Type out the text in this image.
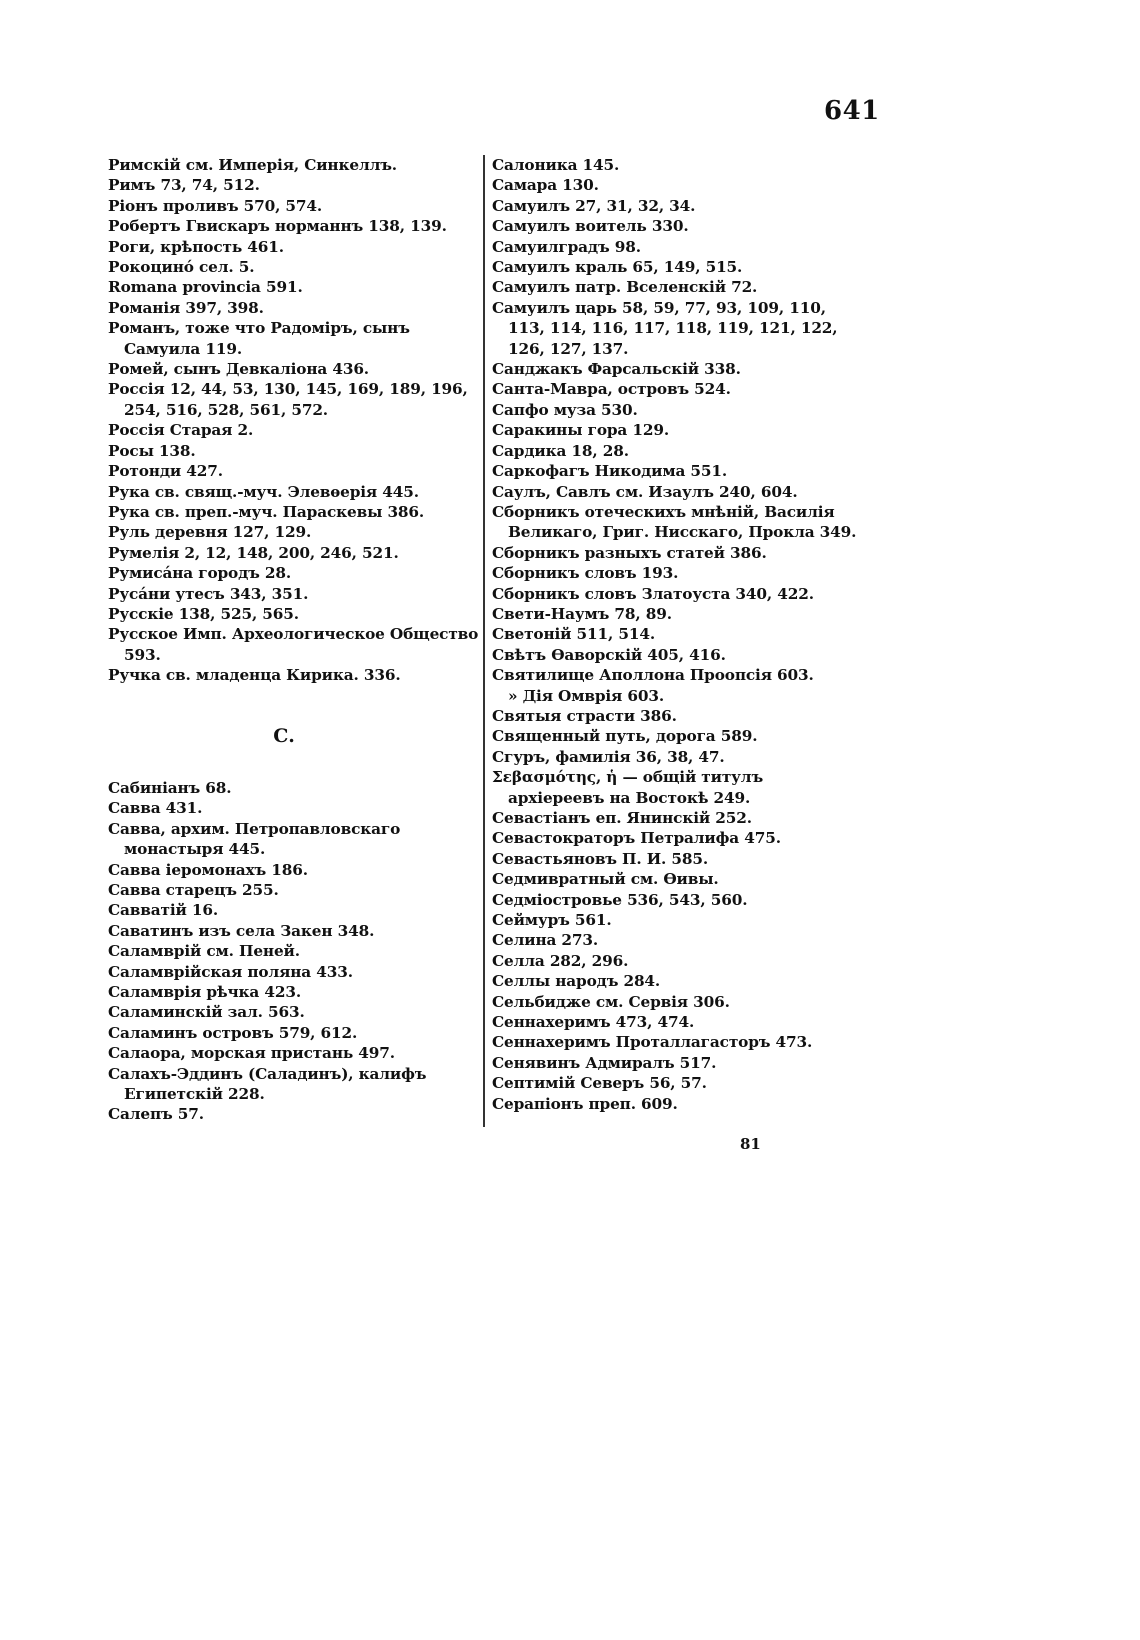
641
Римскій см. Имперія, Синкеллъ.
Римъ 73, 74, 512.
Ріонъ проливъ 570, 574.
Робертъ Гвискаръ норманнъ 138, 139.
Роги, крѣпость 461.
Рокоцинó сел. 5.
Romana provincia 591.
Романія 397, 398.
Романъ, тоже что Радоміръ, сынъ Самуила 119.
Ромей, сынъ Девкаліона 436.
Россія 12, 44, 53, 130, 145, 169, 189, 196, 254, 516, 528, 561, 572.
Россія Старая 2.
Росы 138.
Ротонди 427.
Рука св. свящ.-муч. Элевѳерія 445.
Рука св. преп.-муч. Параскевы 386.
Руль деревня 127, 129.
Румелія 2, 12, 148, 200, 246, 521.
Румисáна городъ 28.
Русáни утесъ 343, 351.
Русскіе 138, 525, 565.
Русское Имп. Археологическое Общество 593.
Ручка св. младенца Кирика. 336.
С.
Сабиніанъ 68.
Савва 431.
Савва, архим. Петропавловскаго монастыря 445.
Савва іеромонахъ 186.
Савва старецъ 255.
Савватій 16.
Саватинъ изъ села Закен 348.
Саламврій см. Пеней.
Саламврійская поляна 433.
Саламврія рѣчка 423.
Саламинскій зал. 563.
Саламинъ островъ 579, 612.
Салаора, морская пристань 497.
Салахъ-Эддинъ (Саладинъ), калифъ Египетскій 228.
Салепъ 57.
Салоника 145.
Самара 130.
Самуилъ 27, 31, 32, 34.
Самуилъ воитель 330.
Самуилградъ 98.
Самуилъ краль 65, 149, 515.
Самуилъ патр. Вселенскій 72.
Самуилъ царь 58, 59, 77, 93, 109, 110, 113, 114, 116, 117, 118, 119, 121, 122, 126, 127, 137.
Санджакъ Фарсальскій 338.
Санта-Мавра, островъ 524.
Сапфо муза 530.
Саракины гора 129.
Сардика 18, 28.
Саркофагъ Никодима 551.
Саулъ, Савлъ см. Изаулъ 240, 604.
Сборникъ отеческихъ мнѣній, Василія Великаго, Григ. Нисскаго, Прокла 349.
Сборникъ разныхъ статей 386.
Сборникъ словъ 193.
Сборникъ словъ Златоуста 340, 422.
Свети-Наумъ 78, 89.
Светоній 511, 514.
Свѣтъ Ѳаворскій 405, 416.
Святилище Аполлона Проопсія 603.
» Дія Омврія 603.
Святыя страсти 386.
Священный путь, дорога 589.
Сгуръ, фамилія 36, 38, 47.
Σεβασμότης, ἡ — общій титулъ архіереевъ на Востокѣ 249.
Севастіанъ еп. Янинскій 252.
Севастократоръ Петралифа 475.
Севастьяновъ П. И. 585.
Седмивратный см. Ѳивы.
Седміостровье 536, 543, 560.
Сеймуръ 561.
Селина 273.
Селла 282, 296.
Селлы народъ 284.
Сельбидже см. Сервія 306.
Сеннахеримъ 473, 474.
Сеннахеримъ Проталлагасторъ 473.
Сенявинъ Адмиралъ 517.
Септимій Северъ 56, 57.
Серапіонъ преп. 609.
81
